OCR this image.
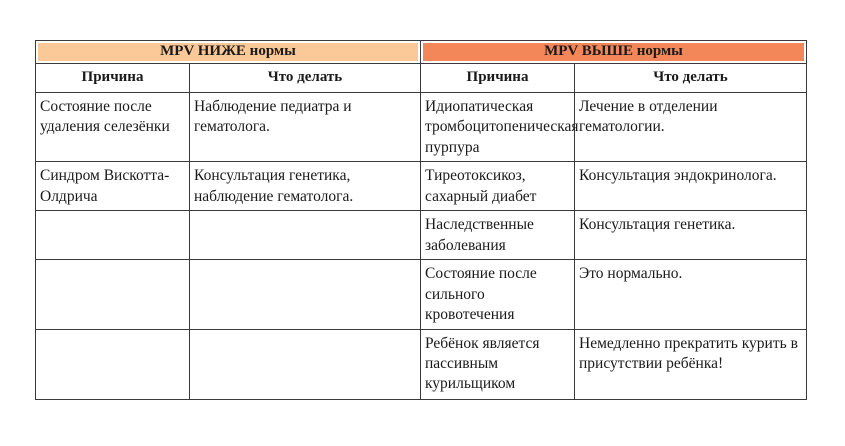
MPV НИЖЕ нормы		MPV ВЫШЕ нормы	

Причина	Что делать	Причина	Что делать
Состояние после удаления селезёнки	Наблюдение педиатра и гематолога.	Идиопатическая тромбоцитопеническая пурпура	Лечение в отделении гематологии.
Синдром Вискотта-Олдрича	Консультация генетика, наблюдение гематолога.	Тиреотоксикоз, сахарный диабет	Консультация эндокринолога.
		Наследственные заболевания	Консультация генетика.
		Состояние после сильного кровотечения	Это нормально.
		Ребёнок является пассивным курильщиком	Немедленно прекратить курить в присутствии ребёнка!
